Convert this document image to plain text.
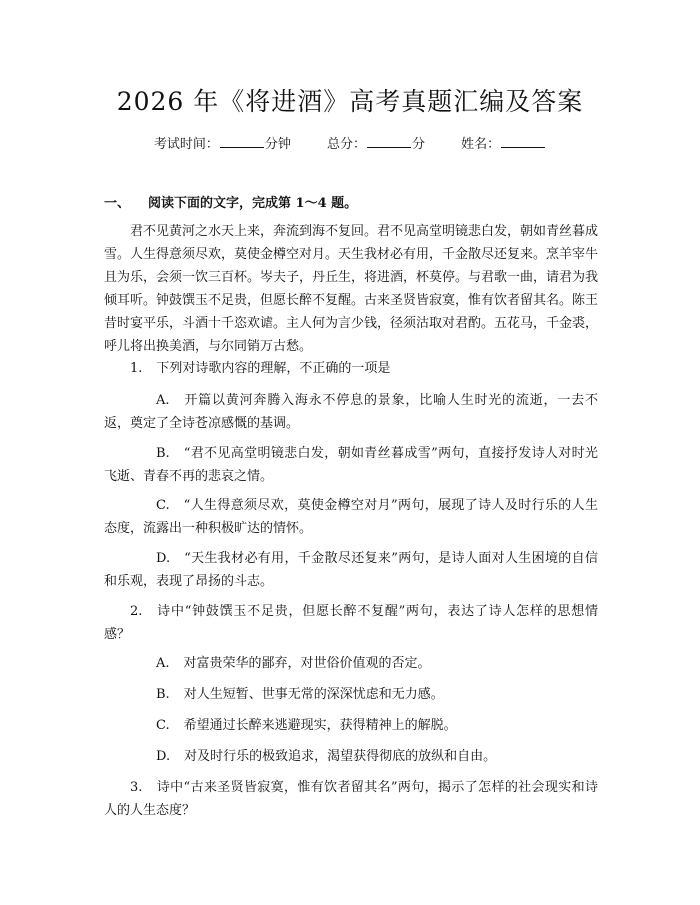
2026 年《将进酒》高考真题汇编及答案
考试时间：	分钟	总分：	分	姓名：
一、 阅读下面的文字，完成第 1～4 题。
君不见黄河之水天上来，奔流到海不复回。君不见高堂明镜悲白发，朝如青丝暮成雪。人生得意须尽欢，莫使金樽空对月。天生我材必有用，千金散尽还复来。烹羊宰牛且为乐，会须一饮三百杯。岑夫子，丹丘生，将进酒，杯莫停。与君歌一曲，请君为我倾耳听。钟鼓馔玉不足贵，但愿长醉不复醒。古来圣贤皆寂寞，惟有饮者留其名。陈王昔时宴平乐，斗酒十千恣欢谑。主人何为言少钱，径须沽取对君酌。五花马，千金裘，呼儿将出换美酒，与尔同销万古愁。
1. 下列对诗歌内容的理解，不正确的一项是
A. 开篇以黄河奔腾入海永不停息的景象，比喻人生时光的流逝，一去不返，奠定了全诗苍凉感慨的基调。
B. “君不见高堂明镜悲白发，朝如青丝暮成雪”两句，直接抒发诗人对时光飞逝、青春不再的悲哀之情。
C. “人生得意须尽欢，莫使金樽空对月”两句，展现了诗人及时行乐的人生态度，流露出一种积极旷达的情怀。
D. “天生我材必有用，千金散尽还复来”两句，是诗人面对人生困境的自信和乐观，表现了昂扬的斗志。
2. 诗中“钟鼓馔玉不足贵，但愿长醉不复醒”两句，表达了诗人怎样的思想情感？
A. 对富贵荣华的鄙弃，对世俗价值观的否定。
B. 对人生短暂、世事无常的深深忧虑和无力感。
C. 希望通过长醉来逃避现实，获得精神上的解脱。
D. 对及时行乐的极致追求，渴望获得彻底的放纵和自由。
3. 诗中“古来圣贤皆寂寞，惟有饮者留其名”两句，揭示了怎样的社会现实和诗人的人生态度？
